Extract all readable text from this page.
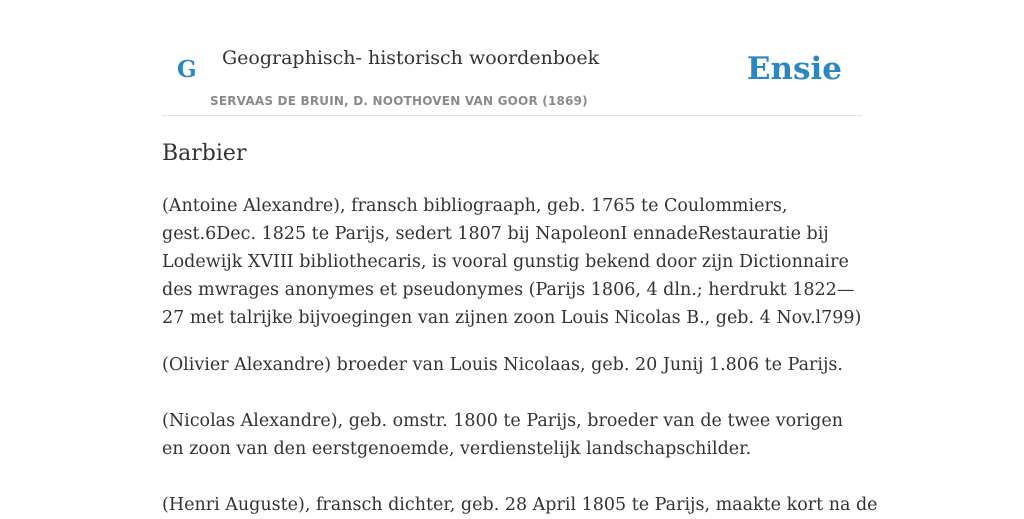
G Geographisch- historisch woordenboek
SERVAAS DE BRUIN, D. NOOTHOVEN VAN GOOR (1869)
Ensie
Barbier

(Antoine Alexandre), fransch bibliograaph, geb. 1765 te Coulommiers, gest.6Dec. 1825 te Parijs, sedert 1807 bij NapoleonI ennadeRestauratie bij Lodewijk XVIII bibliothecaris, is vooral gunstig bekend door zijn Dictionnaire des mwrages anonymes et pseudonymes (Parijs 1806, 4 dln.; herdrukt 1822—27 met talrijke bijvoegingen van zijnen zoon Louis Nicolas B., geb. 4 Nov.l799)

(Olivier Alexandre) broeder van Louis Nicolaas, geb. 20 Junij 1.806 te Parijs.

(Nicolas Alexandre), geb. omstr. 1800 te Parijs, broeder van de twee vorigen en zoon van den eerstgenoemde, verdienstelijk landschapschilder.

(Henri Auguste), fransch dichter, geb. 28 April 1805 te Parijs, maakte kort na de
